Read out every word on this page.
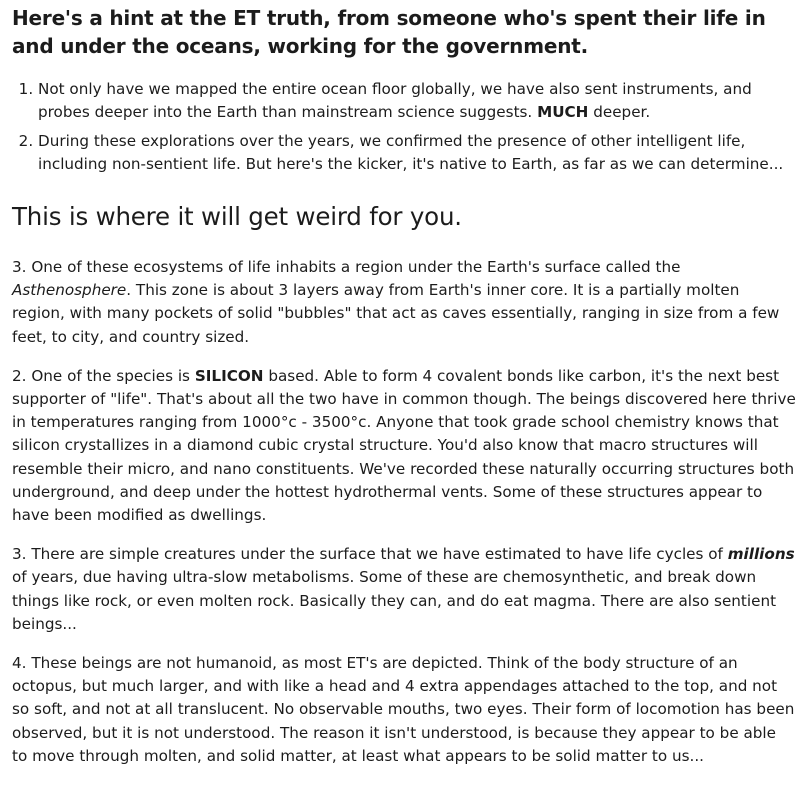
Here's a hint at the ET truth, from someone who's spent their life in and under the oceans, working for the government.
1. Not only have we mapped the entire ocean floor globally, we have also sent instruments, and probes deeper into the Earth than mainstream science suggests. MUCH deeper.
2. During these explorations over the years, we confirmed the presence of other intelligent life, including non-sentient life. But here's the kicker, it's native to Earth, as far as we can determine...
This is where it will get weird for you.

3. One of these ecosystems of life inhabits a region under the Earth's surface called the Asthenosphere. This zone is about 3 layers away from Earth's inner core. It is a partially molten region, with many pockets of solid "bubbles" that act as caves essentially, ranging in size from a few feet, to city, and country sized.

2. One of the species is SILICON based. Able to form 4 covalent bonds like carbon, it's the next best supporter of "life". That's about all the two have in common though. The beings discovered here thrive in temperatures ranging from 1000°c - 3500°c. Anyone that took grade school chemistry knows that silicon crystallizes in a diamond cubic crystal structure. You'd also know that macro structures will resemble their micro, and nano constituents. We've recorded these naturally occurring structures both underground, and deep under the hottest hydrothermal vents. Some of these structures appear to have been modified as dwellings.

3. There are simple creatures under the surface that we have estimated to have life cycles of millions of years, due having ultra-slow metabolisms. Some of these are chemosynthetic, and break down things like rock, or even molten rock. Basically they can, and do eat magma. There are also sentient beings...

4. These beings are not humanoid, as most ET's are depicted. Think of the body structure of an octopus, but much larger, and with like a head and 4 extra appendages attached to the top, and not so soft, and not at all translucent. No observable mouths, two eyes. Their form of locomotion has been observed, but it is not understood. The reason it isn't understood, is because they appear to be able to move through molten, and solid matter, at least what appears to be solid matter to us...
